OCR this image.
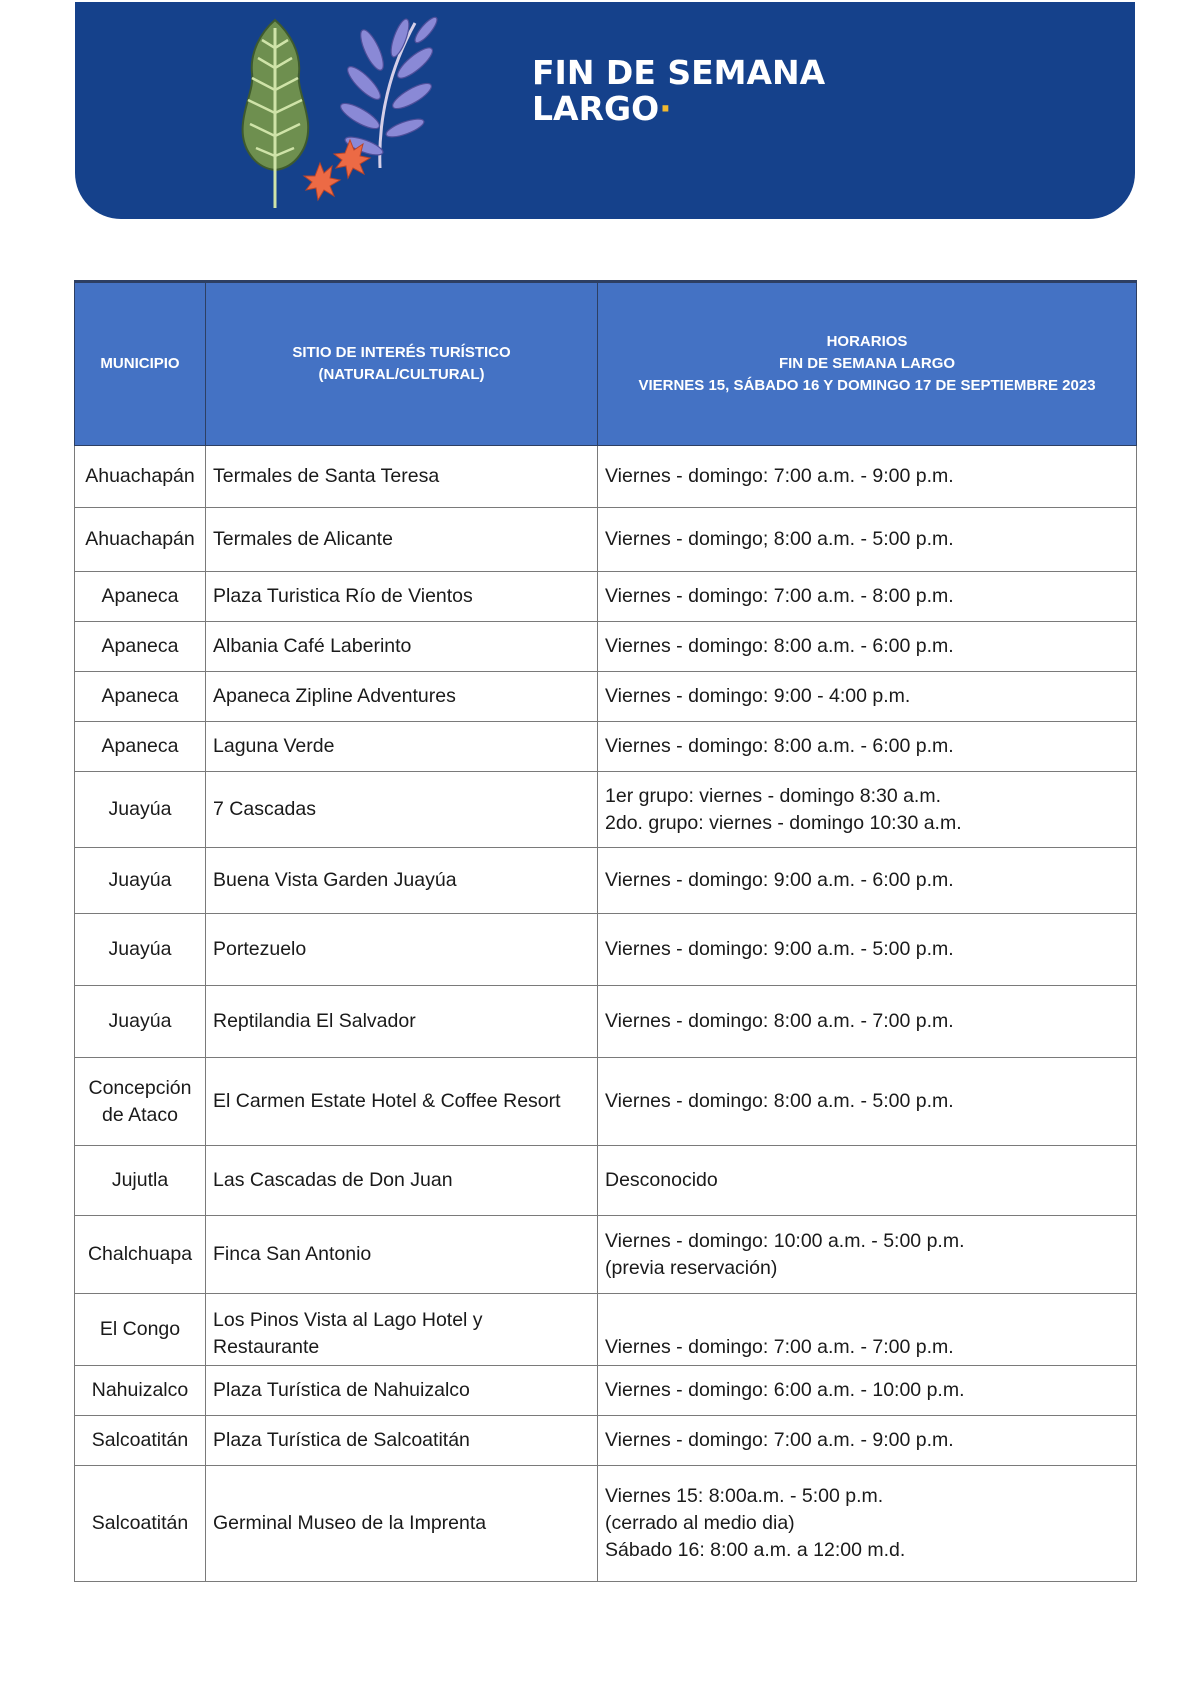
FIN DE SEMANA
LARGO·
MUNICIPIO	SITIO DE INTERÉS TURÍSTICO
(NATURAL/CULTURAL)	HORARIOS
FIN DE SEMANA LARGO
VIERNES 15, SÁBADO 16 Y DOMINGO 17 DE SEPTIEMBRE 2023

Ahuachapán	Termales de Santa Teresa	Viernes - domingo: 7:00 a.m. - 9:00 p.m.

Ahuachapán	Termales de Alicante	Viernes - domingo; 8:00 a.m. - 5:00 p.m.

Apaneca	Plaza Turistica Río de Vientos	Viernes - domingo: 7:00 a.m. - 8:00 p.m.

Apaneca	Albania Café Laberinto	Viernes - domingo: 8:00 a.m. - 6:00 p.m.

Apaneca	Apaneca Zipline Adventures	Viernes - domingo: 9:00 - 4:00 p.m.

Apaneca	Laguna Verde	Viernes - domingo: 8:00 a.m. - 6:00 p.m.

Juayúa	7 Cascadas	1er grupo: viernes - domingo 8:30 a.m.
2do. grupo: viernes - domingo 10:30 a.m.

Juayúa	Buena Vista Garden Juayúa	Viernes - domingo: 9:00 a.m. - 6:00 p.m.

Juayúa	Portezuelo	Viernes - domingo: 9:00 a.m. - 5:00 p.m.

Juayúa	Reptilandia El Salvador	Viernes - domingo: 8:00 a.m. - 7:00 p.m.

Concepción
de Ataco	El Carmen Estate Hotel & Coffee Resort	Viernes - domingo: 8:00 a.m. - 5:00 p.m.

Jujutla	Las Cascadas de Don Juan	Desconocido

Chalchuapa	Finca San Antonio	Viernes - domingo: 10:00 a.m. - 5:00 p.m.
(previa reservación)

El Congo	Los Pinos Vista al Lago Hotel y
Restaurante	Viernes - domingo: 7:00 a.m. - 7:00 p.m.

Nahuizalco	Plaza Turística de Nahuizalco	Viernes - domingo: 6:00 a.m. - 10:00 p.m.

Salcoatitán	Plaza Turística de Salcoatitán	Viernes - domingo: 7:00 a.m. - 9:00 p.m.

Salcoatitán	Germinal Museo de la Imprenta	Viernes 15: 8:00a.m. - 5:00 p.m.
(cerrado al medio dia)
Sábado 16: 8:00 a.m. a 12:00 m.d.
